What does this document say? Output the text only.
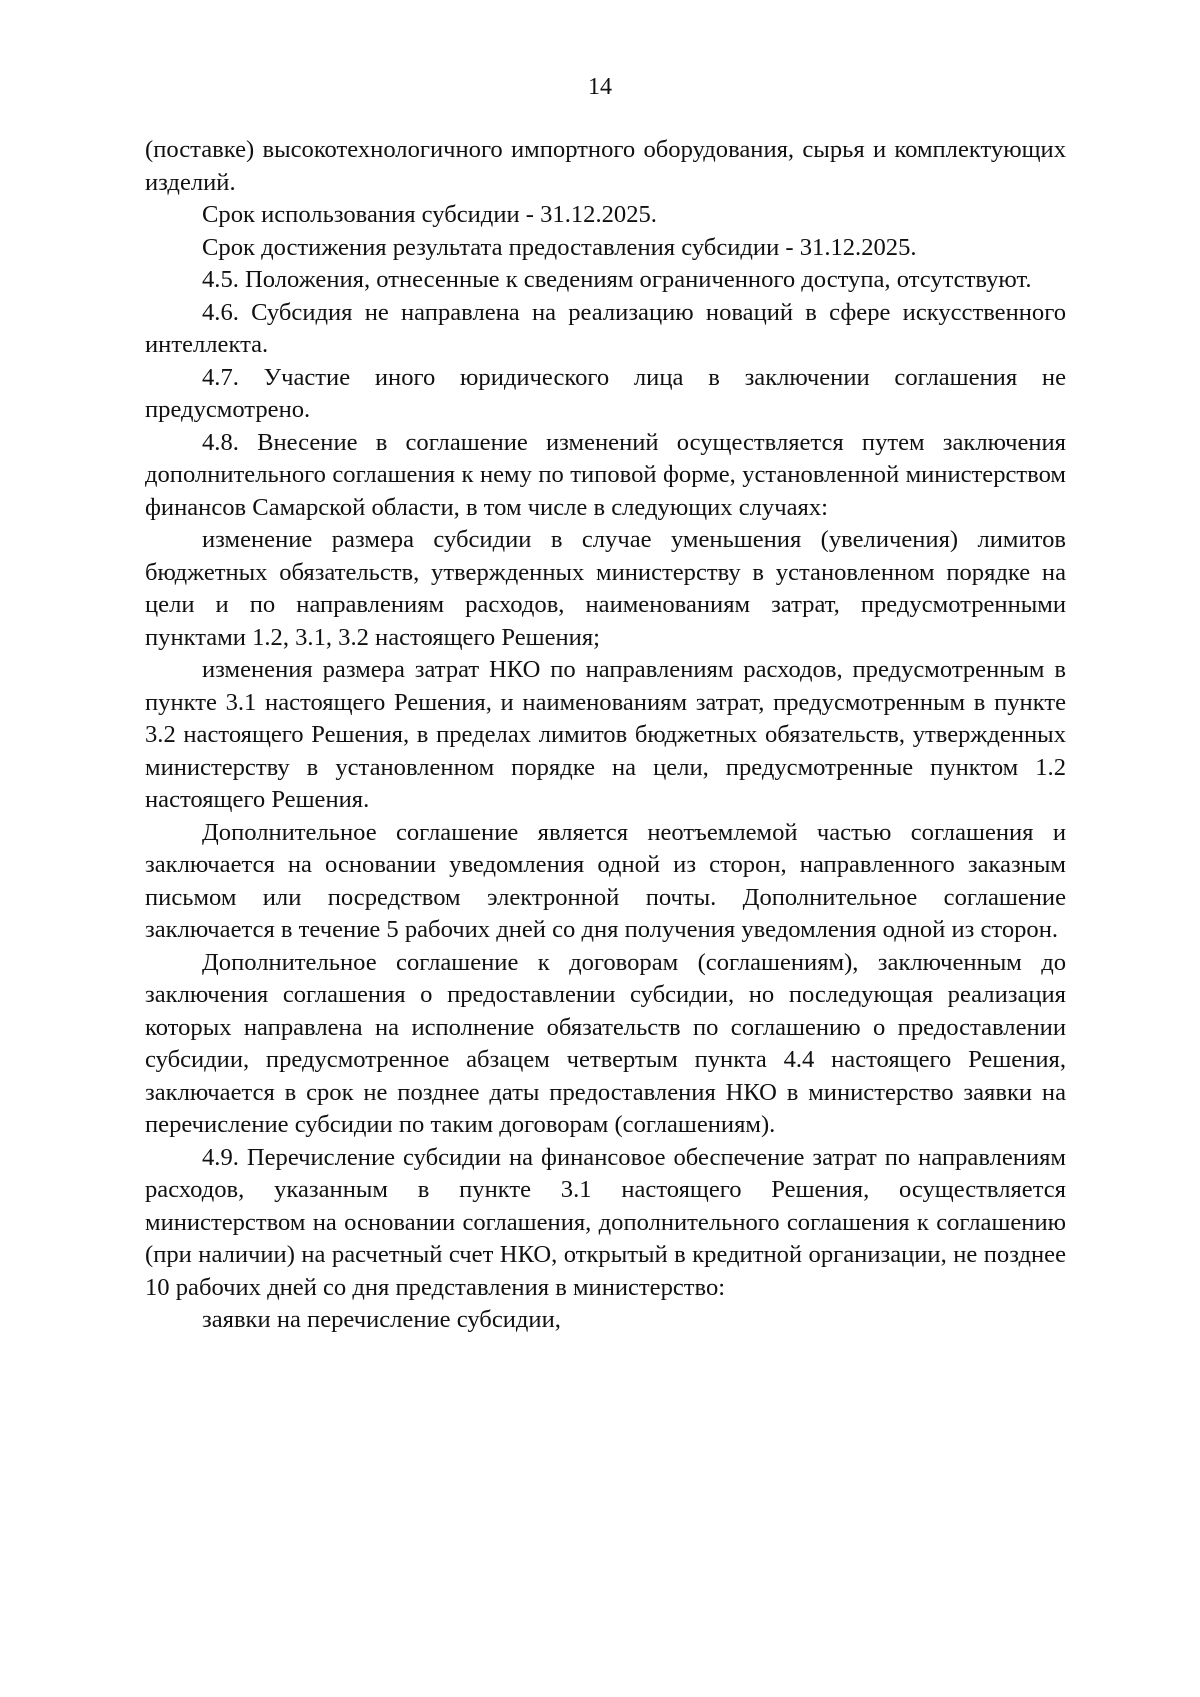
14

(поставке) высокотехнологичного импортного оборудования, сырья и комплектующих изделий.

Срок использования субсидии - 31.12.2025.

Срок достижения результата предоставления субсидии - 31.12.2025.

4.5. Положения, отнесенные к сведениям ограниченного доступа, отсутствуют.

4.6. Субсидия не направлена на реализацию новаций в сфере искусственного интеллекта.

4.7. Участие иного юридического лица в заключении соглашения не предусмотрено.

4.8. Внесение в соглашение изменений осуществляется путем заключения дополнительного соглашения к нему по типовой форме, установленной министерством финансов Самарской области, в том числе в следующих случаях:

изменение размера субсидии в случае уменьшения (увеличения) лимитов бюджетных обязательств, утвержденных министерству в установленном порядке на цели и по направлениям расходов, наименованиям затрат, предусмотренными пунктами 1.2, 3.1, 3.2 настоящего Решения;

изменения размера затрат НКО по направлениям расходов, предусмотренным в пункте 3.1 настоящего Решения, и наименованиям затрат, предусмотренным в пункте 3.2 настоящего Решения, в пределах лимитов бюджетных обязательств, утвержденных министерству в установленном порядке на цели, предусмотренные пунктом 1.2 настоящего Решения.

Дополнительное соглашение является неотъемлемой частью соглашения и заключается на основании уведомления одной из сторон, направленного заказным письмом или посредством электронной почты. Дополнительное соглашение заключается в течение 5 рабочих дней со дня получения уведомления одной из сторон.

Дополнительное соглашение к договорам (соглашениям), заключенным до заключения соглашения о предоставлении субсидии, но последующая реализация которых направлена на исполнение обязательств по соглашению о предоставлении субсидии, предусмотренное абзацем четвертым пункта 4.4 настоящего Решения, заключается в срок не позднее даты предоставления НКО в министерство заявки на перечисление субсидии по таким договорам (соглашениям).

4.9. Перечисление субсидии на финансовое обеспечение затрат по направлениям расходов, указанным в пункте 3.1 настоящего Решения, осуществляется министерством на основании соглашения, дополнительного соглашения к соглашению (при наличии) на расчетный счет НКО, открытый в кредитной организации, не позднее 10 рабочих дней со дня представления в министерство:

заявки на перечисление субсидии,
